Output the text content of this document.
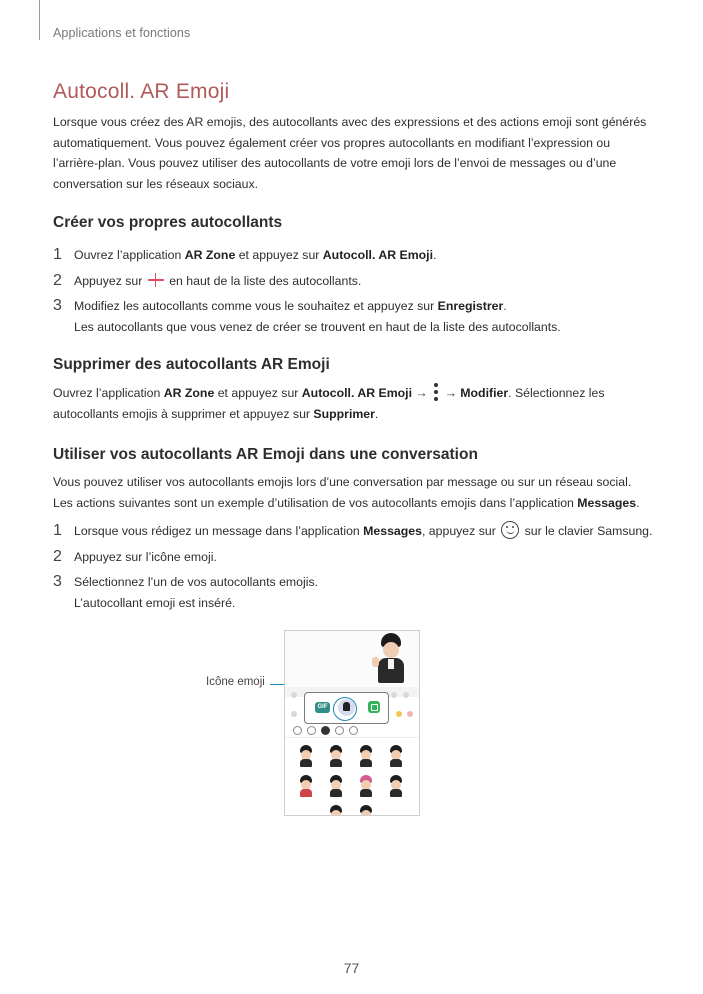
Applications et fonctions
Autocoll. AR Emoji

Lorsque vous créez des AR emojis, des autocollants avec des expressions et des actions emoji sont générés automatiquement. Vous pouvez également créer vos propres autocollants en modifiant l’expression ou l’arrière-plan. Vous pouvez utiliser des autocollants de votre emoji lors de l’envoi de messages ou d’une conversation sur les réseaux sociaux.

Créer vos propres autocollants
1 Ouvrez l’application AR Zone et appuyez sur Autocoll. AR Emoji.
2 Appuyez sur  en haut de la liste des autocollants.
3 Modifiez les autocollants comme vous le souhaitez et appuyez sur Enregistrer.
Les autocollants que vous venez de créer se trouvent en haut de la liste des autocollants.
Supprimer des autocollants AR Emoji

Ouvrez l’application AR Zone et appuyez sur Autocoll. AR Emoji →
→ Modifier. Sélectionnez les autocollants emojis à supprimer et appuyez sur Supprimer.

Utiliser vos autocollants AR Emoji dans une conversation

Vous pouvez utiliser vos autocollants emojis lors d’une conversation par message ou sur un réseau social. Les actions suivantes sont un exemple d’utilisation de vos autocollants emojis dans l’application Messages.

1 Lorsque vous rédigez un message dans l’application Messages, appuyez sur  sur le clavier Samsung.
2 Appuyez sur l’icône emoji.
3 Sélectionnez l’un de vos autocollants emojis.
L’autocollant emoji est inséré.
Icône emoji
GIF
77
